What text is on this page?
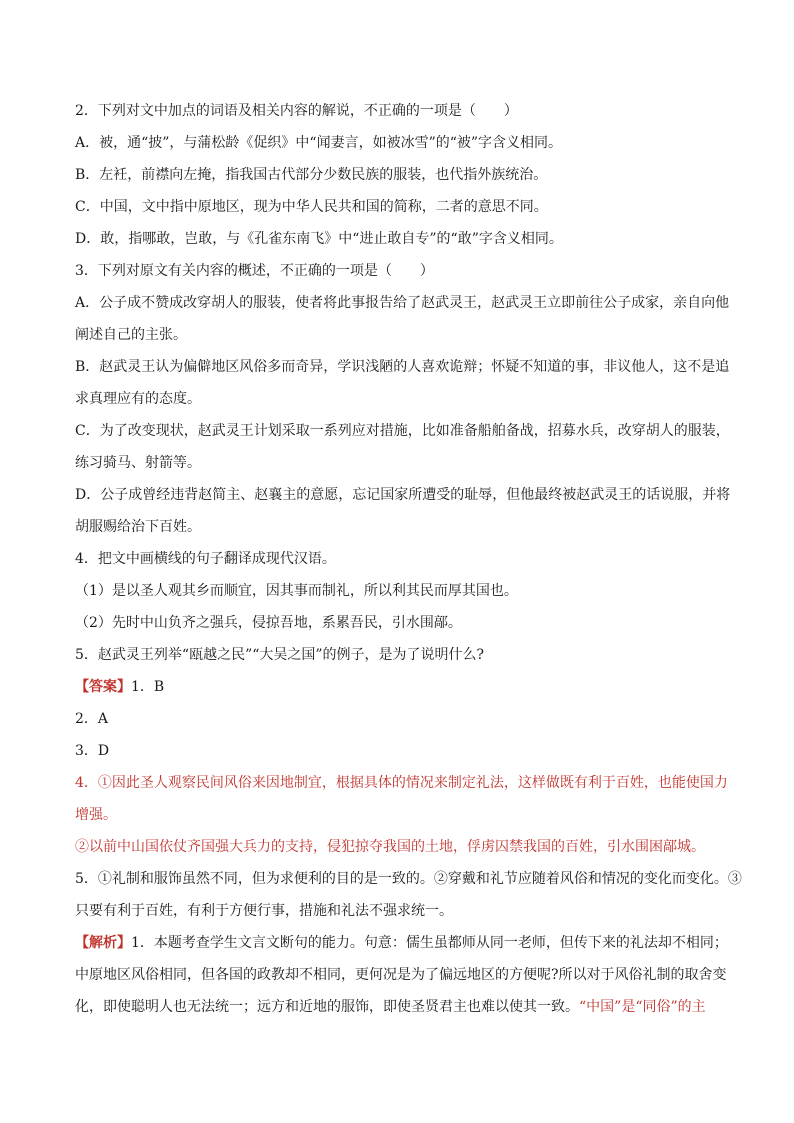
2．下列对文中加点的词语及相关内容的解说，不正确的一项是（　　）
A．被，通“披”，与蒲松龄《促织》中“闻妻言，如被冰雪”的“被”字含义相同。
B．左衽，前襟向左掩，指我国古代部分少数民族的服装，也代指外族统治。
C．中国，文中指中原地区，现为中华人民共和国的简称，二者的意思不同。
D．敢，指哪敢，岂敢，与《孔雀东南飞》中“进止敢自专”的“敢”字含义相同。
3．下列对原文有关内容的概述，不正确的一项是（　　）
A．公子成不赞成改穿胡人的服装，使者将此事报告给了赵武灵王，赵武灵王立即前往公子成家，亲自向他
阐述自己的主张。
B．赵武灵王认为偏僻地区风俗多而奇异，学识浅陋的人喜欢诡辩；怀疑不知道的事，非议他人，这不是追
求真理应有的态度。
C．为了改变现状，赵武灵王计划采取一系列应对措施，比如准备船舶备战，招募水兵，改穿胡人的服装，
练习骑马、射箭等。
D．公子成曾经违背赵简主、赵襄主的意愿，忘记国家所遭受的耻辱，但他最终被赵武灵王的话说服，并将
胡服赐给治下百姓。
4．把文中画横线的句子翻译成现代汉语。
（1）是以圣人观其乡而顺宜，因其事而制礼，所以利其民而厚其国也。
（2）先时中山负齐之强兵，侵掠吾地，系累吾民，引水围鄗。
5．赵武灵王列举“瓯越之民”“大吴之国”的例子，是为了说明什么?
【答案】1．B
2．A
3．D
4．①因此圣人观察民间风俗来因地制宜，根据具体的情况来制定礼法，这样做既有利于百姓，也能使国力
增强。
②以前中山国依仗齐国强大兵力的支持，侵犯掠夺我国的土地，俘虏囚禁我国的百姓，引水围困鄗城。
5．①礼制和服饰虽然不同，但为求便利的目的是一致的。②穿戴和礼节应随着风俗和情况的变化而变化。③
只要有利于百姓，有利于方便行事，措施和礼法不强求统一。
【解析】1．本题考查学生文言文断句的能力。句意：儒生虽都师从同一老师，但传下来的礼法却不相同；
中原地区风俗相同，但各国的政教却不相同，更何况是为了偏远地区的方便呢?所以对于风俗礼制的取舍变
化，即使聪明人也无法统一；远方和近地的服饰，即使圣贤君主也难以使其一致。“中国”是“同俗”的主
